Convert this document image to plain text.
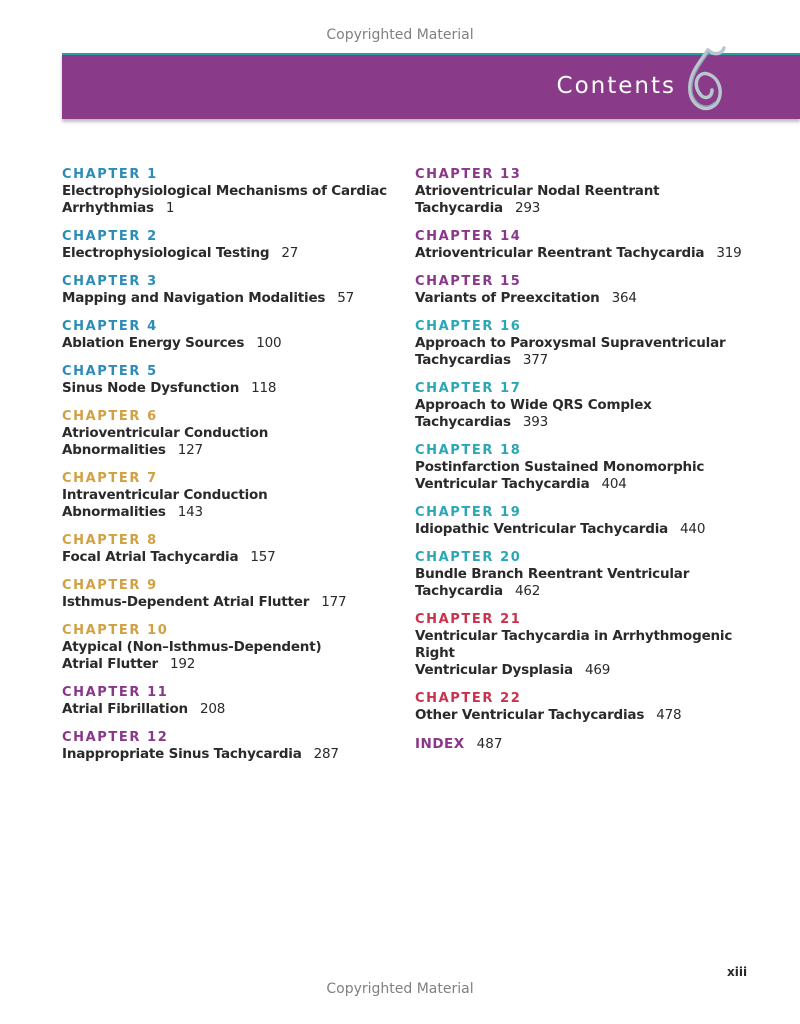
Copyrighted Material
Contents
CHAPTER 1
Electrophysiological Mechanisms of Cardiac
Arrhythmias 1
CHAPTER 2
Electrophysiological Testing 27
CHAPTER 3
Mapping and Navigation Modalities 57
CHAPTER 4
Ablation Energy Sources 100
CHAPTER 5
Sinus Node Dysfunction 118
CHAPTER 6
Atrioventricular Conduction Abnormalities 127
CHAPTER 7
Intraventricular Conduction Abnormalities 143
CHAPTER 8
Focal Atrial Tachycardia 157
CHAPTER 9
Isthmus-Dependent Atrial Flutter 177
CHAPTER 10
Atypical (Non–Isthmus-Dependent)
Atrial Flutter 192
CHAPTER 11
Atrial Fibrillation 208
CHAPTER 12
Inappropriate Sinus Tachycardia 287
CHAPTER 13
Atrioventricular Nodal Reentrant
Tachycardia 293
CHAPTER 14
Atrioventricular Reentrant Tachycardia 319
CHAPTER 15
Variants of Preexcitation 364
CHAPTER 16
Approach to Paroxysmal Supraventricular
Tachycardias 377
CHAPTER 17
Approach to Wide QRS Complex
Tachycardias 393
CHAPTER 18
Postinfarction Sustained Monomorphic
Ventricular Tachycardia 404
CHAPTER 19
Idiopathic Ventricular Tachycardia 440
CHAPTER 20
Bundle Branch Reentrant Ventricular
Tachycardia 462
CHAPTER 21
Ventricular Tachycardia in Arrhythmogenic Right
Ventricular Dysplasia 469
CHAPTER 22
Other Ventricular Tachycardias 478
INDEX 487
xiii
Copyrighted Material
